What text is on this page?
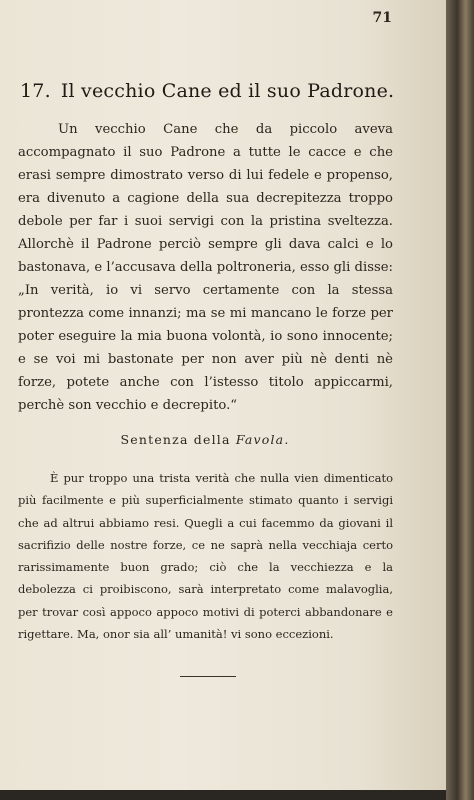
71
17. Il vecchio Cane ed il suo Padrone.
Un vecchio Cane che da piccolo aveva accompagnato il suo Padrone a tutte le cacce e che erasi sempre dimostrato verso di lui fedele e propenso, era divenuto a cagione della sua decrepitezza troppo debole per far i suoi servigi con la pristina sveltezza. Allorchè il Padrone perciò sempre gli dava calci e lo bastonava, e l’accusava della poltroneria, esso gli disse: „In verità, io vi servo certamente con la stessa prontezza come innanzi; ma se mi mancano le forze per poter eseguire la mia buona volontà, io sono innocente; e se voi mi bastonate per non aver più nè denti nè forze, potete anche con l’istesso titolo appiccarmi, perchè son vecchio e decrepito.“
Sentenza della Favola.
È pur troppo una trista verità che nulla vien dimenticato più facilmente e più superficialmente stimato quanto i servigi che ad altrui abbiamo resi. Quegli a cui facemmo da giovani il sacrifizio delle nostre forze, ce ne saprà nella vecchiaja certo rarissimamente buon grado; ciò che la vecchiezza e la debolezza ci proibiscono, sarà interpretato come malavoglia, per trovar così appoco appoco motivi di poterci abbandonare e rigettare. Ma, onor sia all’ umanità! vi sono eccezioni.
